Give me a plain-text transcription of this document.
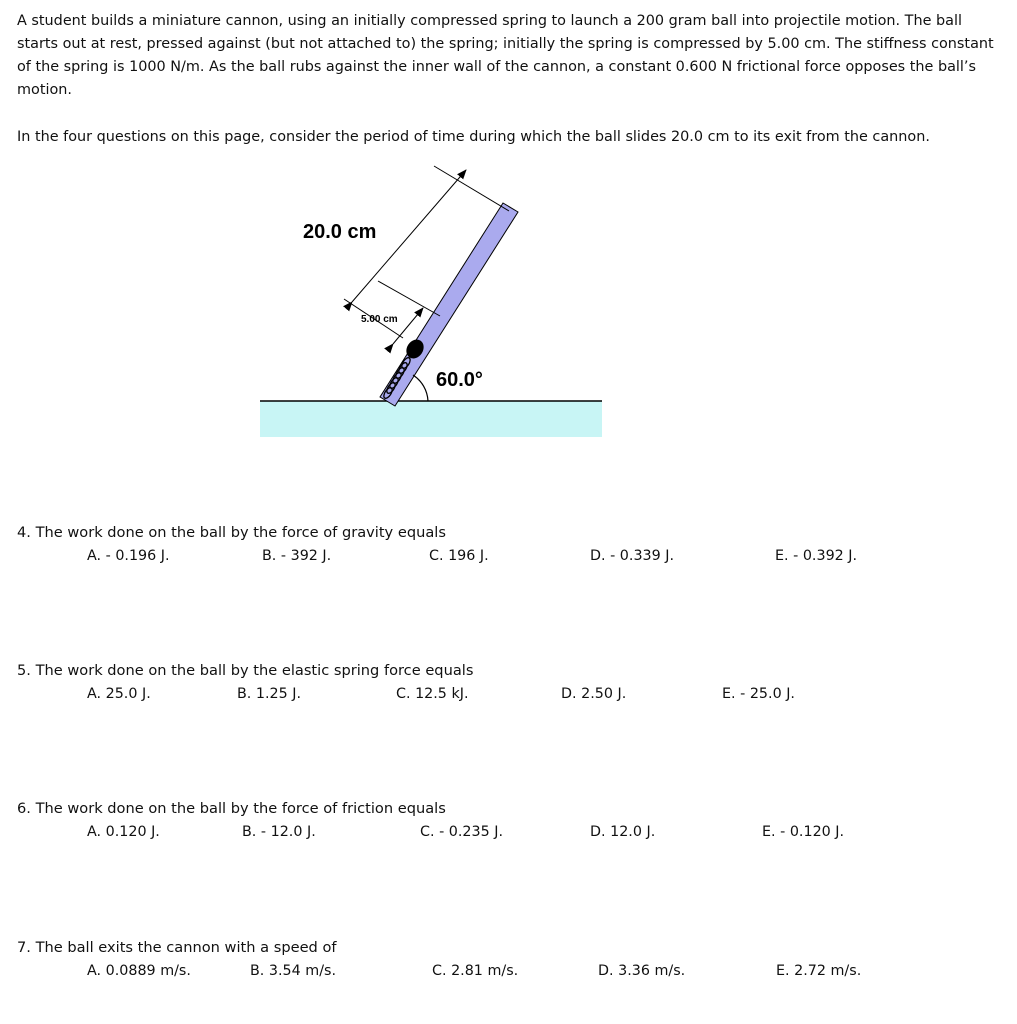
A student builds a miniature cannon, using an initially compressed spring to launch a 200 gram ball into projectile motion. The ball starts out at rest, pressed against (but not attached to) the spring; initially the spring is compressed by 5.00 cm. The stiffness constant of the spring is 1000 N/m. As the ball rubs against the inner wall of the cannon, a constant 0.600 N frictional force opposes the ball’s motion.

In the four questions on this page, consider the period of time during which the ball slides 20.0 cm to its exit from the cannon.

20.0 cm
5.00 cm
60.0°
4. The work done on the ball by the force of gravity equals
A. - 0.196 J.	B. - 392 J.	C. 196 J.	D. - 0.339 J.	E. - 0.392 J.
5. The work done on the ball by the elastic spring force equals
A. 25.0 J.	B. 1.25 J.	C. 12.5 kJ.	D. 2.50 J.	E. - 25.0 J.
6. The work done on the ball by the force of friction equals
A. 0.120 J.	B. - 12.0 J.	C. - 0.235 J.	D. 12.0 J.	E. - 0.120 J.
7. The ball exits the cannon with a speed of
A. 0.0889 m/s.	B. 3.54 m/s.	C. 2.81 m/s.	D. 3.36 m/s.	E. 2.72 m/s.
